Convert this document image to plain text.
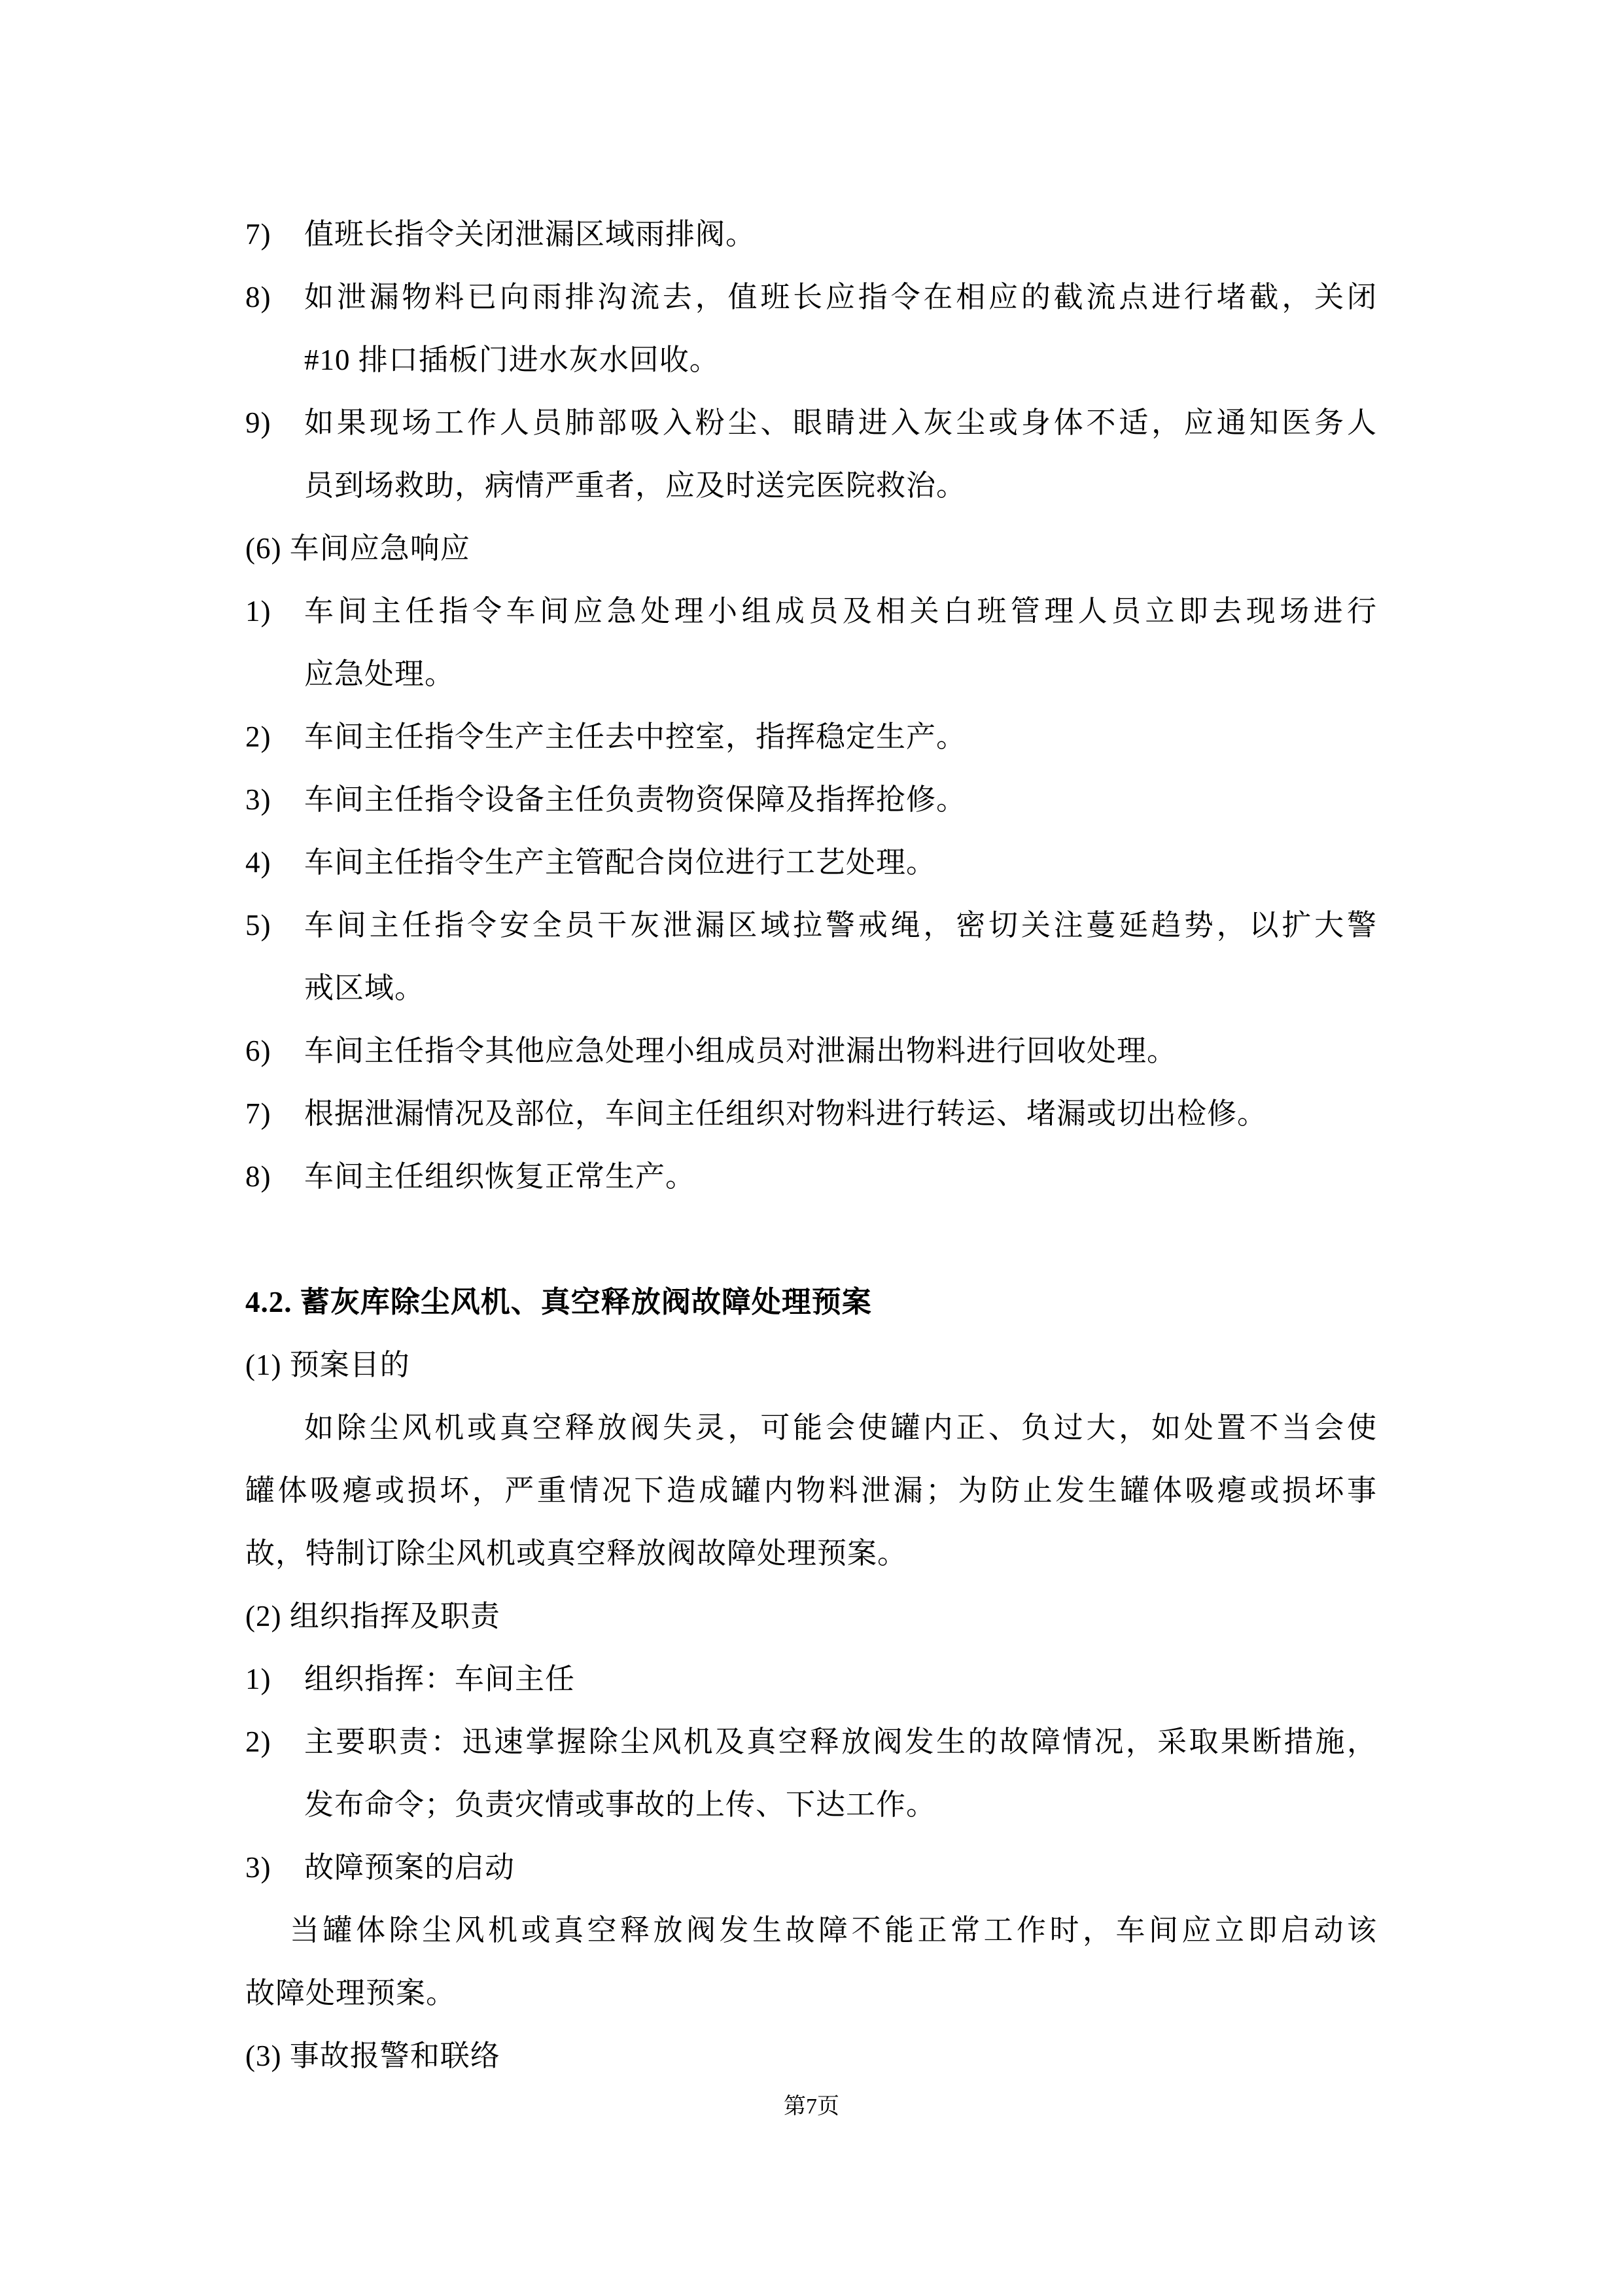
7)	值班长指令关闭泄漏区域雨排阀。
8)	如泄漏物料已向雨排沟流去，值班长应指令在相应的截流点进行堵截，关闭
#10 排口插板门进水灰水回收。
9)	如果现场工作人员肺部吸入粉尘、眼睛进入灰尘或身体不适，应通知医务人
员到场救助，病情严重者，应及时送完医院救治。
(6) 车间应急响应
1)	车间主任指令车间应急处理小组成员及相关白班管理人员立即去现场进行
应急处理。
2)	车间主任指令生产主任去中控室，指挥稳定生产。
3)	车间主任指令设备主任负责物资保障及指挥抢修。
4)	车间主任指令生产主管配合岗位进行工艺处理。
5)	车间主任指令安全员干灰泄漏区域拉警戒绳，密切关注蔓延趋势，以扩大警
戒区域。
6)	车间主任指令其他应急处理小组成员对泄漏出物料进行回收处理。
7)	根据泄漏情况及部位，车间主任组织对物料进行转运、堵漏或切出检修。
8)	车间主任组织恢复正常生产。
4.2. 蓄灰库除尘风机、真空释放阀故障处理预案
(1) 预案目的
如除尘风机或真空释放阀失灵，可能会使罐内正、负过大，如处置不当会使
罐体吸瘪或损坏，严重情况下造成罐内物料泄漏；为防止发生罐体吸瘪或损坏事
故，特制订除尘风机或真空释放阀故障处理预案。
(2) 组织指挥及职责
1)	组织指挥：车间主任
2)	主要职责：迅速掌握除尘风机及真空释放阀发生的故障情况，采取果断措施，
发布命令；负责灾情或事故的上传、下达工作。
3)	故障预案的启动
当罐体除尘风机或真空释放阀发生故障不能正常工作时，车间应立即启动该
故障处理预案。
(3) 事故报警和联络
第7页
